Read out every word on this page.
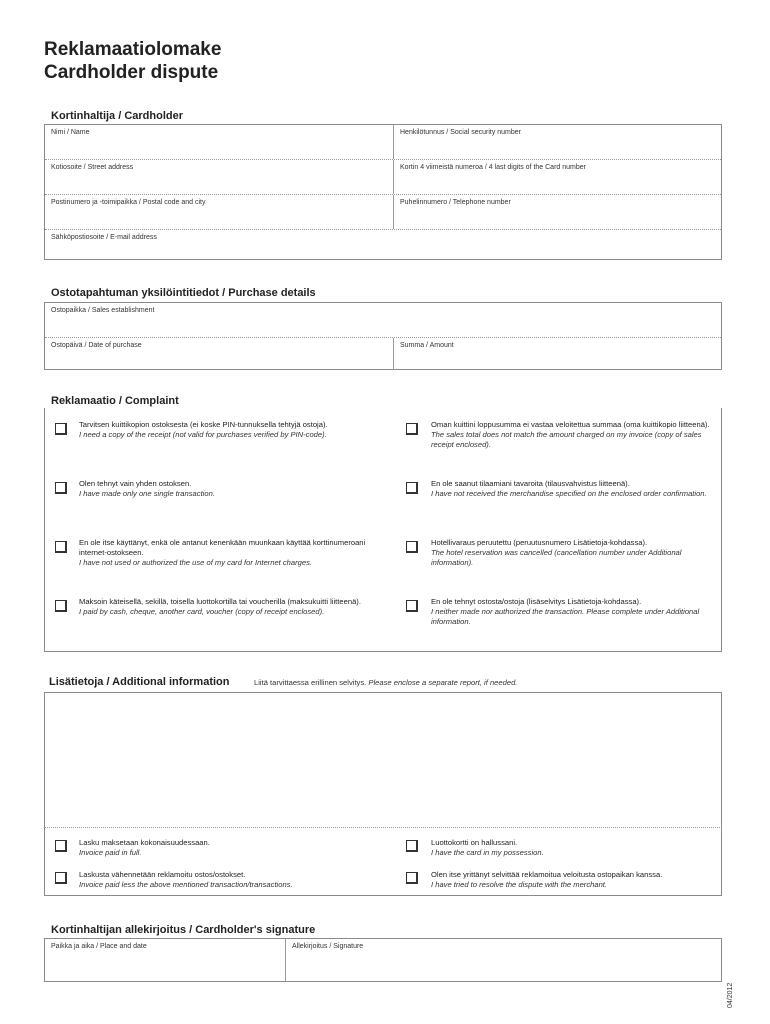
Reklamaatiolomake
Cardholder dispute
Kortinhaltija / Cardholder
Nimi / Name	Henkilötunnus / Social security number
Kotiosoite / Street address	Kortin 4 viimeistä numeroa / 4 last digits of the Card number
Postinumero ja -toimipaikka / Postal code and city	Puhelinnumero / Telephone number
Sähköpostiosoite / E-mail address
Ostotapahtuman yksilöintitiedot / Purchase details
Ostopaikka / Sales establishment
Ostopäivä / Date of purchase	Summa / Amount
Reklamaatio / Complaint
Tarvitsen kuittikopion ostoksesta (ei koske PIN-tunnuksella tehtyjä ostoja).
I need a copy of the receipt (not valid for purchases verified by PIN-code).
Olen tehnyt vain yhden ostoksen.
I have made only one single transaction.
En ole itse käyttänyt, enkä ole antanut kenenkään muunkaan käyttää korttinumeroani internet-ostokseen.
I have not used or authorized the use of my card for Internet charges.
Maksoin käteisellä, sekillä, toisella luottokortilla tai voucherilla (maksukuitti liitteenä).
I paid by cash, cheque, another card, voucher (copy of receipt enclosed).
Oman kuittini loppusumma ei vastaa veloitettua summaa (oma kuittikopio liitteenä).
The sales total does not match the amount charged on my invoice (copy of sales receipt enclosed).
En ole saanut tilaamiani tavaroita (tilausvahvistus liitteenä).
I have not received the merchandise specified on the enclosed order confirmation.
Hotellivaraus peruutettu (peruutusnumero Lisätietoja-kohdassa).
The hotel reservation was cancelled (cancellation number under Additional information).
En ole tehnyt ostosta/ostoja (lisäselvitys Lisätietoja-kohdassa).
I neither made nor authorized the transaction. Please complete under Additional information.
Lisätietoja / Additional information	Liitä tarvittaessa erillinen selvitys. Please enclose a separate report, if needed.
Lasku maksetaan kokonaisuudessaan.
Invoice paid in full.
Laskusta vähennetään reklamoitu ostos/ostokset.
Invoice paid less the above mentioned transaction/transactions.
Luottokortti on hallussani.
I have the card in my possession.
Olen itse yrittänyt selvittää reklamoitua veloitusta ostopaikan kanssa.
I have tried to resolve the dispute with the merchant.
Kortinhaltijan allekirjoitus / Cardholder's signature
Paikka ja aika / Place and date	Allekirjoitus / Signature
04/2012
